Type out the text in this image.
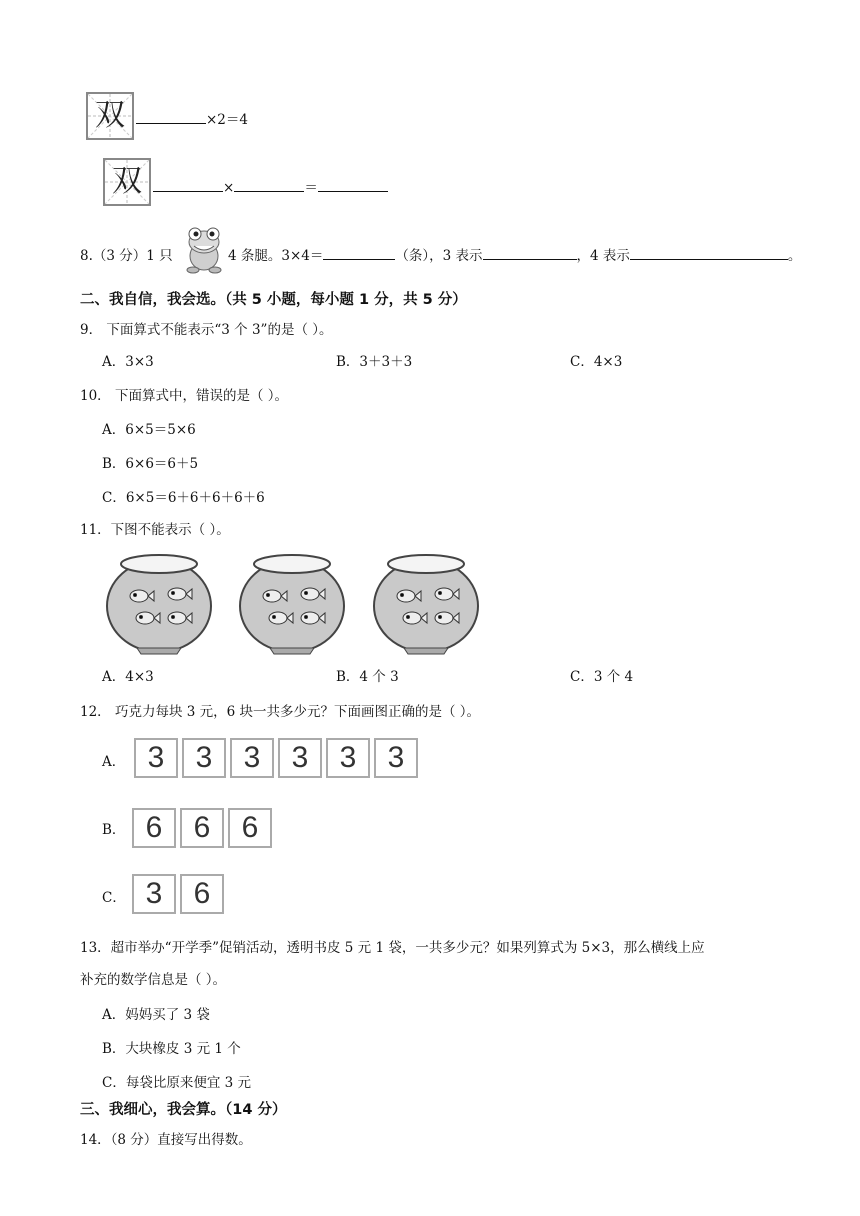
双	×2＝4
双	×	＝
8.（3 分）1 只	4 条腿。3×4＝	（条），3 表示	，4 表示	。
二、我自信，我会选。（共 5 小题，每小题 1 分，共 5 分）
9． 下面算式不能表示“3 个 3”的是（ ）。
A．3×3	B．3＋3＋3	C．4×3
10． 下面算式中，错误的是（ ）。
A．6×5＝5×6
B．6×6＝6＋5
C．6×5＝6＋6＋6＋6＋6
11．下图不能表示（ ）。
A．4×3	B．4 个 3	C．3 个 4
12． 巧克力每块 3 元，6 块一共多少元？下面画图正确的是（ ）。
A． 3 3 3 3 3 3
B． 6 6 6
C． 3 6
13．超市举办“开学季”促销活动，透明书皮 5 元 1 袋，一共多少元？如果列算式为 5×3，那么横线上应
补充的数学信息是（ ）。
A．妈妈买了 3 袋
B．大块橡皮 3 元 1 个
C．每袋比原来便宜 3 元
三、我细心，我会算。（14 分）
14．（8 分）直接写出得数。
